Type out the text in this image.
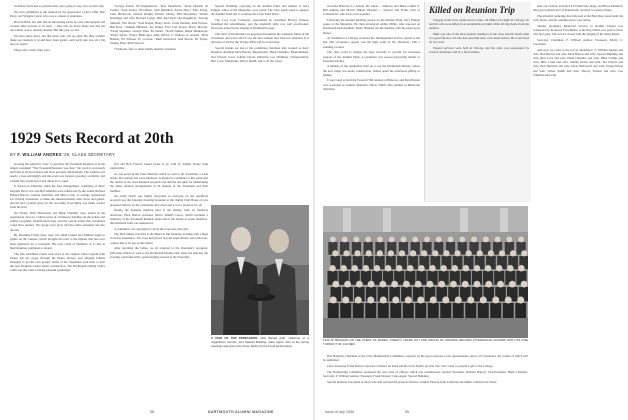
recalled it had been so pleasant that were going to stay over an extra day.

We were gladdened at the reunion by the appearance of Ed Coffin, Bob Perry, and Virginia Lewis, who was a contest of attendees.

Brown Zinck, her dad, had an Interesting series of color photographs and various other pictures to be seen, ... One rule we never made was that the one family was to outstrip another. But this year we did.

We have more news, but that must wait. We are glad. He thus couldn't make our reunion; it would have been grand—and we'll take you all a big one yet again!

Those who could come were:

"George Eaton, '09 Englishtown, "Pete Studebeck, "Doan Putnam, Al Foulds, "Fred Turner, '09 Gilbert, Sam Hamilton, Ernest Hess," Ellis Irving, Chas Hitchcock, Nelson Knight, Harold Libbey, Bill Macomber, Wilbur Klebinger and wife, Howard Lodge, Pike 'Red Kyle' and Dougherty, "George Munsell, Wal Owen, "Fred Ragan, Henry Peck, Loren Pendall, John Payson, Bill Ross, "Johnnie Hubbard, Joe Parker, Fred Carl Pearce, Harry Mowatt, "Doug Saunders, George Siner, Ed Senior, "Norm Walker, Ralph Shenberger, "Elliot Taylor, 'Fuzzy' Bush Ayer, Alfie Wilson, F. Wallace, A. Arnold, "Nick Burnett, Ed Jackson, D. Lawson, "Ruth Gristwold, Jean Bacon, Ed Taylor, Stanley Hale, Ruth Stewart.

* Indicates wife or other family member attended.

1929 Sets Record at 20th
BY F. WILLIAM ANDRES '29, CLASS SECRETARY

In using the adjective "best" to describe the Twentieth Reunion as in the simple statement "The Twentieth Reunion was fine," the word is accurately and both in its most literal and most personal implications. The weather was nearly a dare and mighty and the event was formed, greeting, cordiality, and a finish that would have been dared us to equal.

It started on Thursday when the lead management, consisting of Marc Pugram, Bert Cave and Bob Munden were reinforced by the ardent Richard Pintard Barrett, reunion chairman, and Milo Crane, to arrange registration for arriving classmates, to make the announcements, their wives and guests, and the first cocktail party for the recording. Everything was under control from the start.

On Friday, Dick Hasbrouck and Hank Chandler were joined in the registration crew by a whole series of volunteers, handing out the tickets and sundry programs, identification bags, and the various items that classmates could have desired. The group soon grew and the tables extended out into the Inn.

By mealtime Friday there were two small broken and families begin to gather on the campus, which brought the total to the highest that had ever been registered for a twentieth. The total count of members of a class at their Reunion continued to mount.

The fine scheduled events took place at the campus when Captain John Parker led the group through the Baker Library tour (though Johnny managed to get his own group). Some of the classmates took time to visit the new Hopkins Center under construction. The Dartmouth Outing Club's cabin was the scene of many pleasant gatherings.

Ted and Bob Francis' baked beans to go with by Johnny Doole' ham sandwiches.

As you noted in the Class Mention which we sent to all classmates a week before the reunion and were hindered. It should be continued at this point that the caliber of our class Reunion program was that the old spirit for undertaking the entire reunion arrangements in all manner of the Twentieth and their families.

An event which was highly enjoyable to everyone on the unofficial program was the Saturday morning breakfast at the Outing Club House. It was prepared entirely by the classmates and wives and it was a pleasure for all.

During the business meeting held at the Outing Club on Saturday afternoon, Dick Barrett presided. Oliver Smith's report, which included a summary of the Twentieth Reunion plans and of the deaths of seven members, the memorial fund was announced.

A committee was appointed to study the proposed class gift.

The final dinner was held at the Hanover Inn Saturday evening with a huge crowd in attendance. The class had grown beyond expectations, and some late-comers had to be put at side tables.

After rejoining the ladies, we all returned to the President's reception, following which we went to the Dartmouth Outing Club. After the dancing, the evening concluded with a grand singing session at the Fraternity.

Spaced, Building, reporting on the Alumni Fund, and tributes to Jerry Pringle, editor of the Magazine, were given. The class again voted to support the Alumni Fund and to continue the Class Fund Drive.

The Coca Cola Company, represented by classmate Harvey Watson, furnished the refreshments, and the sandwich table was well provisioned. Everyone joined in the singing of Dartmouth songs.

The spirit of Dartmouth was apparent throughout the weekend. Many of the classmates and wives said it was the best reunion they had ever attended. It is the hope of all that the Twenty-Fifth will be even better.

Special thanks are due to the committee chairmen who worked so hard: Reunion chairman Dick Barrett; Registration, Hank Chandler; Entertainment, Ted Francis; Food, Johnny Doole; Publicity, Lee Whitman; Transportation, Bert Cave; Memorials, Oliver Smith; and to all the wives.

A PAIR OF TOP PRODUCERS. Dick Barrett (left), chairman of a magnificent reunion, and Spaced Building, class agent, who at the spring meetings was given the Green Derby for the Fund performance.
58	DARTMOUTH ALUMNI MAGAZINE

recorded Hanover is a beauty, the whole ... Wallace, and Mike Collins Jr. Bill Jenkins and Mortal Tibbets Hewlett, ... Stewart and Frank, both of Connecticut, who drove over together.

Following the Alumni Meeting reports on the Alumni Fund, Jerry Pringle spoke of the Magazine. He then introduced Arthur Miller, who reported on Dartmouth Development, Wally Dimond ran the meeting with his usual good humor.

Al Washburn of Chicago received the Distinguished Service Award at the Inn. His acceptance speech was the high point of the afternoon, with a standing ovation.

The class voted to change the dues structure to provide for increased support of the Alumni Fund. A resolution was passed expressing thanks to President Dickey.

A number of the reunioners went up to see the Dartmouth Skiway, where the new lodge was under construction. Others spent the afternoon golfing or fishing.

It was voted to hold the Twenty-Fifth reunion at Hanover, and Dick Barrett was re-elected as reunion chairman. Oliver Smith will continue as Memorial chairman.

Killed on Reunion Trip

Tragedy in the class reunion in its wake. On Mike's last night in Chicago, he and his wife were killed in an automobile accident while driving home from the reunion.

Mike was one of the most popular members of the class and his death came as a great shock to all who had seen him only a few hours before. He is survived by two sons.

Funeral services were held in Chicago and the class was represented by several classmates and by a floral tribute.

later out of those attractive Ed Walsh beer mugs, and Bruce Heinrich, that great reunion host of Dartmouth, received a rousing tribute.

The informal gathering that followed at the Bait Shop lasted until the early hours, and the reminiscences were many.

Sunday morning's Memorial Service in Rollins Chapel was conducted by Professor Fred Beebe. A moving tribute was paid to those who had gone. The service closed with the singing of the Alma Mater.

Secretary Chairman, F. William Andres; Treasurer, Edwin C. Cleveland.

And now we come to the roll of attendance: F. William Andres and wife, Bob Barrett and wife, Dick Barrett and wife, Spaced Building and wife, Bert Cave and wife, Hank Chandler and wife, Mike Collins and wife, Milo Crane and wife, Johnny Doole and wife, Ted Francis and wife, Bob Hartman and wife, Dick Hasbrouck and wife, Frank Nelson and wife, Oliver Smith and wife, Harvey Watson and wife, Lee Whitman and wife.

1929 AT REUNION ON THE STEPS OF BAKER, TWENTY YEARS OUT AND PROUD OF WINNING RECORD ATTENDANCE HONORS WITH ITS FINE TURNOUT OF 132 MEN

Bob Hartman, chairman of the Class Membership Committee, reported on the good response to the questionnaire sent to all classmates, the results of which will be published.

Class Treasurer Frank Nelson reported a balance on hand and the Class Fund's growth. The class voted to present a gift to the College.

The Nominating Committee presented the new slate of officers which was unanimously elected: President, Richard Barrett; Vice-President, Hank Chandler; Secretary, F. William Andres; Treasurer, Frank Nelson; Class Agent, Spaced Building.

Special mention was made of those who had traveled the greatest distance: Johnny Pierson from California and Mike Collins from Texas.

Issue of July 1949	59
